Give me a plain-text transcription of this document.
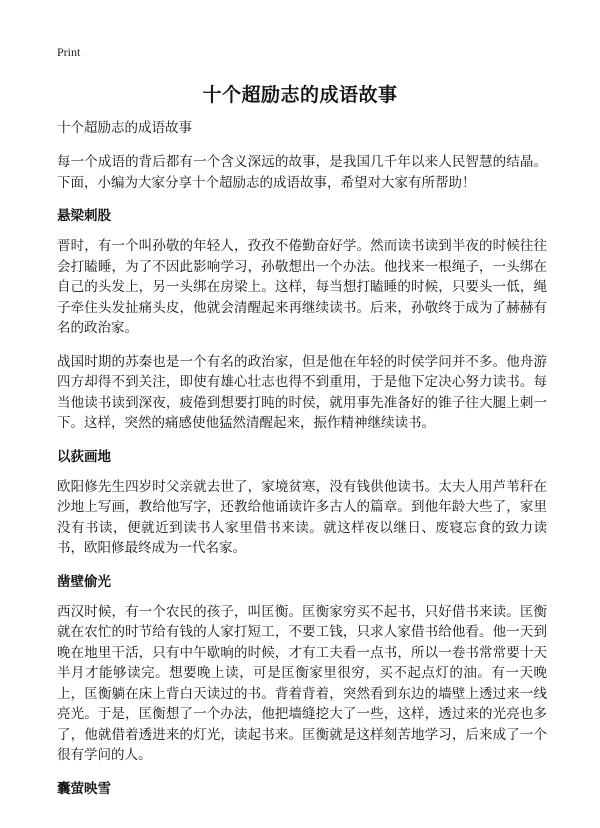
Print
十个超励志的成语故事

十个超励志的成语故事

每一个成语的背后都有一个含义深远的故事，是我国几千年以来人民智慧的结晶。下面，小编为大家分享十个超励志的成语故事，希望对大家有所帮助！

悬梁刺股

晋时，有一个叫孙敬的年轻人，孜孜不倦勤奋好学。然而读书读到半夜的时候往往会打瞌睡，为了不因此影响学习，孙敬想出一个办法。他找来一根绳子，一头绑在自己的头发上，另一头绑在房梁上。这样，每当想打瞌睡的时候，只要头一低，绳子牵住头发扯痛头皮，他就会清醒起来再继续读书。后来，孙敬终于成为了赫赫有名的政治家。

战国时期的苏秦也是一个有名的政治家，但是他在年轻的时侯学问并不多。他舟游四方却得不到关注，即使有雄心壮志也得不到重用，于是他下定决心努力读书。每当他读书读到深夜，疲倦到想要打盹的时侯，就用事先准备好的锥子往大腿上刺一下。这样，突然的痛感使他猛然清醒起来，振作精神继续读书。

以荻画地

欧阳修先生四岁时父亲就去世了，家境贫寒，没有钱供他读书。太夫人用芦苇秆在沙地上写画，教给他写字，还教给他诵读许多古人的篇章。到他年龄大些了，家里没有书读，便就近到读书人家里借书来读。就这样夜以继日、废寝忘食的致力读书，欧阳修最终成为一代名家。

凿壁偷光

西汉时候，有一个农民的孩子，叫匡衡。匡衡家穷买不起书，只好借书来读。匡衡就在农忙的时节给有钱的人家打短工，不要工钱，只求人家借书给他看。他一天到晚在地里干活，只有中午歇晌的时候，才有工夫看一点书，所以一卷书常常要十天半月才能够读完。想要晚上读，可是匡衡家里很穷，买不起点灯的油。有一天晚上，匡衡躺在床上背白天读过的书。背着背着，突然看到东边的墙壁上透过来一线亮光。于是，匡衡想了一个办法，他把墙缝挖大了一些，这样，透过来的光亮也多了，他就借着透进来的灯光，读起书来。匡衡就是这样刻苦地学习，后来成了一个很有学问的人。

囊萤映雪
